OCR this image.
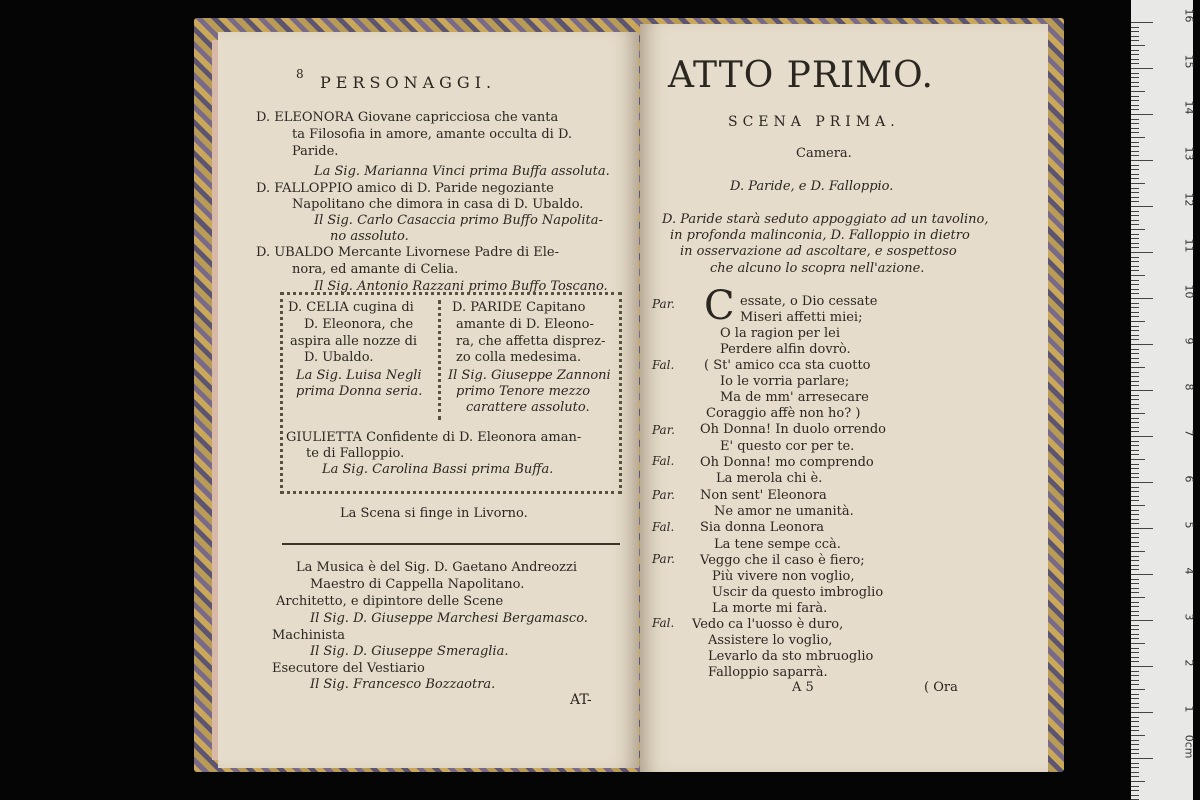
8 PERSONAGGI.
AT-
D. ELEONORA Giovane capricciosa che vanta
ta Filosofia in amore, amante occulta di D.
Paride.
La Sig. Marianna Vinci prima Buffa assoluta.
D. FALLOPPIO amico di D. Paride negoziante
Napolitano che dimora in casa di D. Ubaldo.
Il Sig. Carlo Casaccia primo Buffo Napolita-
no assoluto.
D. UBALDO Mercante Livornese Padre di Ele-
nora, ed amante di Celia.
Il Sig. Antonio Razzani primo Buffo Toscano.
D. CELIA cugina di
D. Eleonora, che
aspira alle nozze di
D. Ubaldo.
La Sig. Luisa Negli
prima Donna seria.
D. PARIDE Capitano
amante di D. Eleono-
ra, che affetta disprez-
zo colla medesima.
Il Sig. Giuseppe Zannoni
primo Tenore mezzo
carattere assoluto.
GIULIETTA Confidente di D. Eleonora aman-
te di Falloppio.
La Sig. Carolina Bassi prima Buffa.
La Scena si finge in Livorno.
La Musica è del Sig. D. Gaetano Andreozzi
Maestro di Cappella Napolitano.
Architetto, e dipintore delle Scene
Il Sig. D. Giuseppe Marchesi Bergamasco.
Machinista
Il Sig. D. Giuseppe Smeraglia.
Esecutore del Vestiario
Il Sig. Francesco Bozzaotra.
ATTO PRIMO.
SCENA PRIMA.
Camera.
D. Paride, e D. Falloppio.
C
A 5	( Ora
D. Paride starà seduto appoggiato ad un tavolino,
in profonda malinconia, D. Falloppio in dietro
in osservazione ad ascoltare, e sospettoso
che alcuno lo scopra nell'azione.
Par.	essate, o Dio cessate
Miseri affetti miei;
O la ragion per lei
Perdere alfin dovrò.
Fal. ( St' amico cca sta cuotto
Io le vorria parlare;
Ma de mm' arresecare
Coraggio affè non ho? )
Par. Oh Donna! In duolo orrendo
E' questo cor per te.
Fal. Oh Donna! mo comprendo
La merola chi è.
Par. Non sent' Eleonora
Ne amor ne umanità.
Fal. Sia donna Leonora
La tene sempe ccà.
Par. Veggo che il caso è fiero;
Più vivere non voglio,
Uscir da questo imbroglio
La morte mi farà.
Fal. Vedo ca l'uosso è duro,
Assistere lo voglio,
Levarlo da sto mbruoglio
Falloppio saparrà.
16
15
14
13
12
11
10
9
8
7
6
5
4
3
2
1
0cm
